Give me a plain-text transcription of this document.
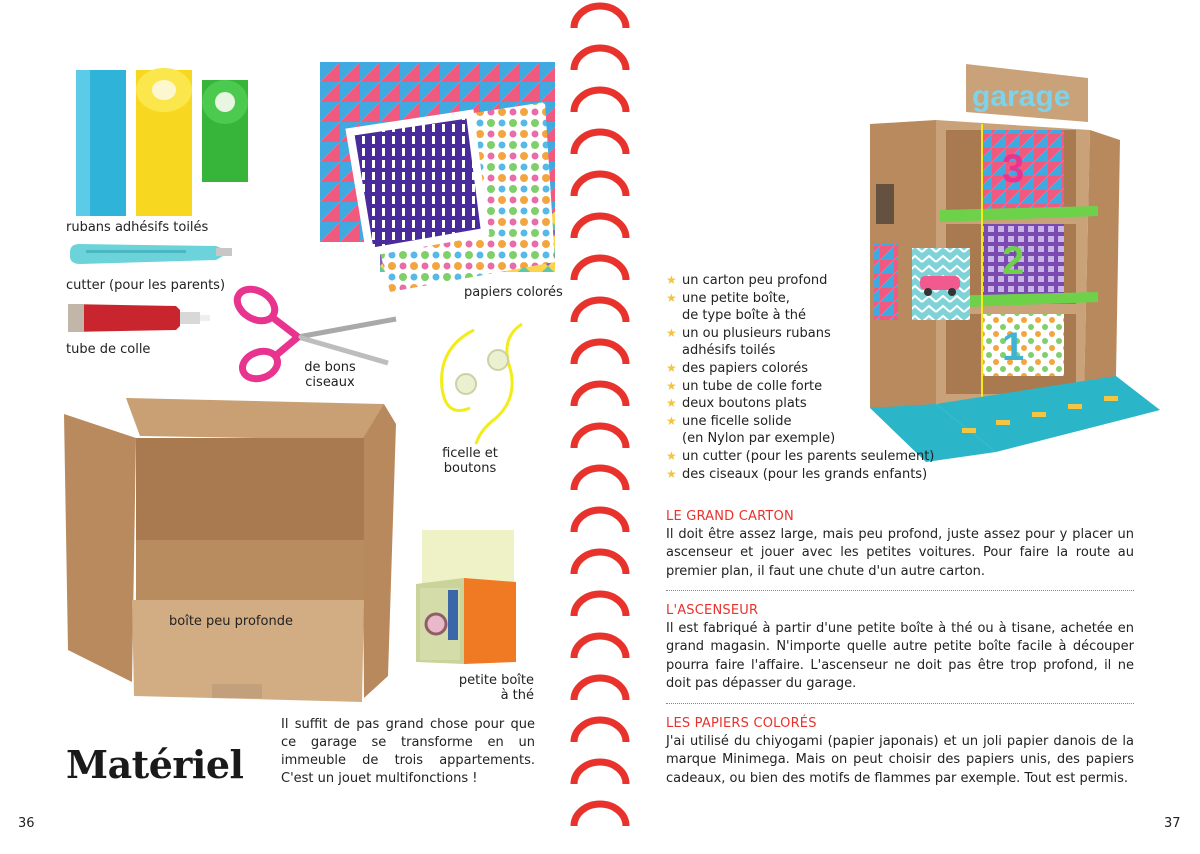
rubans adhésifs toilés
cutter (pour les parents)
tube de colle
papiers colorés
de bons
ciseaux
ficelle et
boutons
boîte peu profonde
petite boîte
à thé
Matériel
Il suffit de pas grand chose pour que ce garage se transforme en un immeuble de trois appartements. C'est un jouet multifonctions !
36
garage
3
2
1
★ un carton peu profond
★ une petite boîte,
de type boîte à thé
★ un ou plusieurs rubans
adhésifs toilés
★ des papiers colorés
★ un tube de colle forte
★ deux boutons plats
★ une ficelle solide
(en Nylon par exemple)
★ un cutter (pour les parents seulement)
★ des ciseaux (pour les grands enfants)
LE GRAND CARTON
Il doit être assez large, mais peu profond, juste assez pour y placer un ascenseur et jouer avec les petites voitures. Pour faire la route au premier plan, il faut une chute d'un autre carton.
L'ASCENSEUR
Il est fabriqué à partir d'une petite boîte à thé ou à tisane, achetée en grand magasin. N'importe quelle autre petite boîte facile à découper pourra faire l'affaire. L'ascenseur ne doit pas être trop profond, il ne doit pas dépasser du garage.
LES PAPIERS COLORÉS
J'ai utilisé du chiyogami (papier japonais) et un joli papier danois de la marque Minimega. Mais on peut choisir des papiers unis, des papiers cadeaux, ou bien des motifs de flammes par exemple. Tout est permis.
37
